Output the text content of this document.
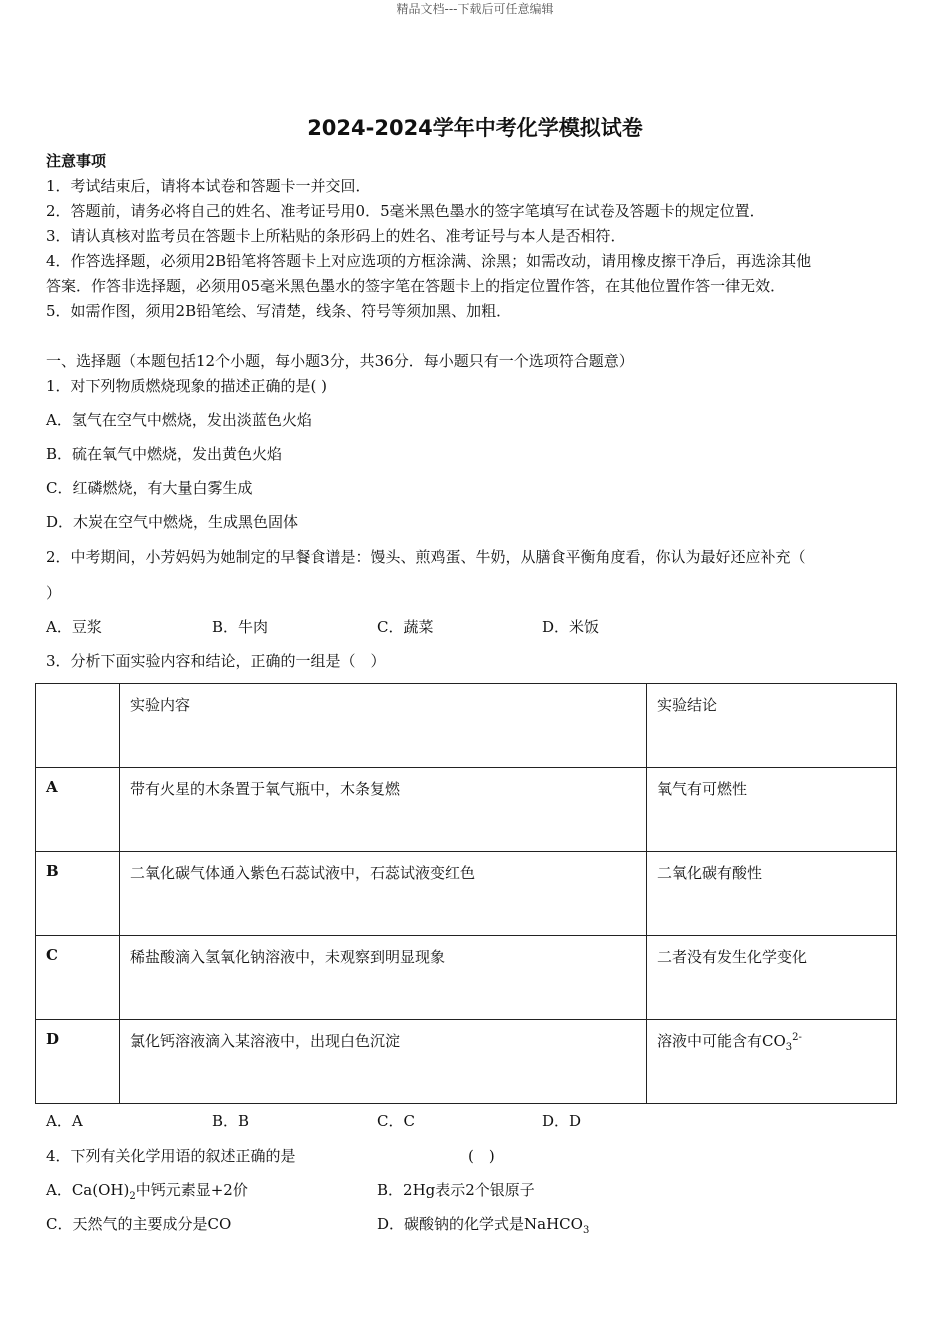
精品文档---下载后可任意编辑
2024-2024学年中考化学模拟试卷
注意事项
1．考试结束后，请将本试卷和答题卡一并交回．
2．答题前，请务必将自己的姓名、准考证号用0．5毫米黑色墨水的签字笔填写在试卷及答题卡的规定位置．
3．请认真核对监考员在答题卡上所粘贴的条形码上的姓名、准考证号与本人是否相符．
4．作答选择题，必须用2B铅笔将答题卡上对应选项的方框涂满、涂黑；如需改动，请用橡皮擦干净后，再选涂其他
答案．作答非选择题，必须用05毫米黑色墨水的签字笔在答题卡上的指定位置作答，在其他位置作答一律无效．
5．如需作图，须用2B铅笔绘、写清楚，线条、符号等须加黑、加粗．
一、选择题（本题包括12个小题，每小题3分，共36分．每小题只有一个选项符合题意）
1．对下列物质燃烧现象的描述正确的是( )
A．氢气在空气中燃烧，发出淡蓝色火焰
B．硫在氧气中燃烧，发出黄色火焰
C．红磷燃烧，有大量白雾生成
D．木炭在空气中燃烧，生成黑色固体
2．中考期间，小芳妈妈为她制定的早餐食谱是：馒头、煎鸡蛋、牛奶，从膳食平衡角度看，你认为最好还应补充（
）
A．豆浆	B．牛肉	C．蔬菜	D．米饭
3．分析下面实验内容和结论，正确的一组是（　）
	实验内容	实验结论
A	带有火星的木条置于氧气瓶中，木条复燃	氧气有可燃性
B	二氧化碳气体通入紫色石蕊试液中，石蕊试液变红色	二氧化碳有酸性
C	稀盐酸滴入氢氧化钠溶液中，未观察到明显现象	二者没有发生化学变化
D	氯化钙溶液滴入某溶液中，出现白色沉淀	溶液中可能含有$CO_3^{2-}$
A．A	B．B	C．C	D．D
4．下列有关化学用语的叙述正确的是	(　)
A．$Ca(OH)_2$中钙元素显+2价	B．2Hg表示2个银原子
C．天然气的主要成分是CO	D．碳酸钠的化学式是NaHCO$_3$
